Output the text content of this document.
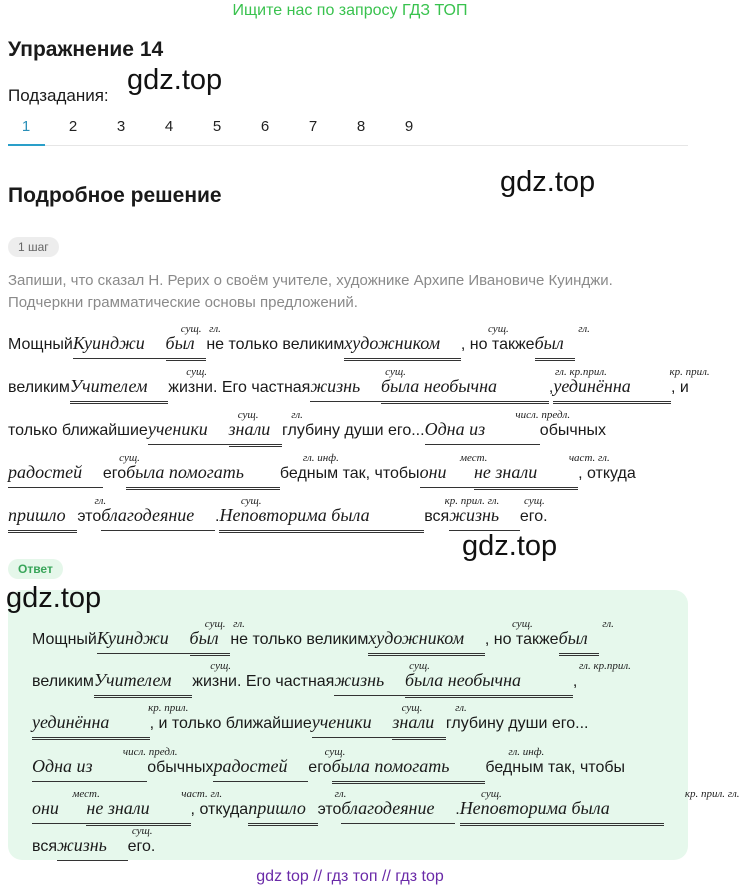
Ищите нас по запросу ГДЗ ТОП
Упражнение 14
Подзадания: gdz.top
1	2	3	4	5	6	7	8	9
Подробное решение	gdz.top
1 шаг
Запиши, что сказал Н. Рерих о своём учителе, художнике Архипе Ивановиче Куинджи. Подчеркни грамматические основы предложений.
МощныйКуинджисущ.былгл.не только великимхудожникомсущ., но такжебылгл.
великимУчителемсущ.жизни. Его частнаяжизньсущ.была необычнагл. кр.прил.,уединённакр. прил., и
только ближайшиеученикисущ.зналигл.глубину души его...Одна изчисл. предл.обычных
радостейсущ.егобыла помогатьгл. инф.бедным так, чтобыонимест.не зналичаст. гл., откуда
пришлогл.этоблагодеяниесущ..Неповторима былакр. прил. гл.всяжизньсущ.его.
gdz.top
Ответ
gdz.top
МощныйКуинджисущ.былгл.не только великимхудожникомсущ., но такжебылгл.
великимУчителемсущ.жизни. Его частнаяжизньсущ.была необычнагл. кр.прил.,
уединённакр. прил., и только ближайшиеученикисущ.зналигл.глубину души его...
Одна изчисл. предл.обычныхрадостейсущ.егобыла помогатьгл. инф.бедным так, чтобы
онимест.не зналичаст. гл., откудапришлогл.этоблагодеяниесущ..Неповторима былакр. прил. гл.
всяжизньсущ.его.
gdz top // гдз топ // гдз top
